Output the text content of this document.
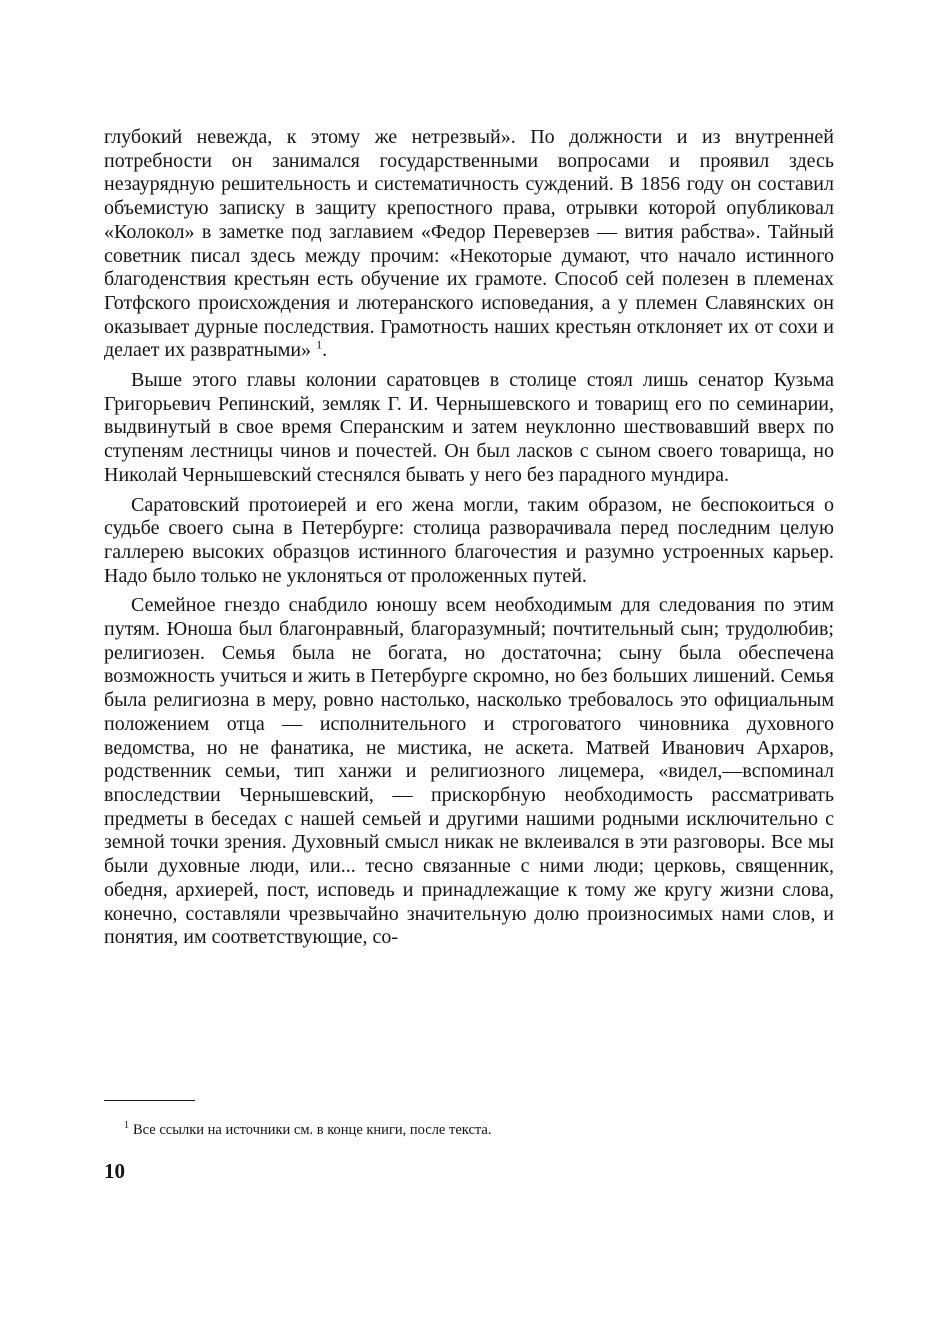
глубокий невежда, к этому же нетрезвый». По должности и из внутренней потребности он занимался государственными вопросами и проявил здесь незаурядную решительность и систематичность суждений. В 1856 году он составил объемистую записку в защиту крепостного права, отрывки которой опубликовал «Колокол» в заметке под заглавием «Федор Переверзев — вития рабства». Тайный советник писал здесь между прочим: «Некоторые думают, что начало истинного благоденствия крестьян есть обучение их грамоте. Способ сей полезен в племенах Готфского происхождения и лютеранского исповедания, а у племен Славянских он оказывает дурные последствия. Грамотность наших крестьян отклоняет их от сохи и делает их развратными» $^1$.

Выше этого главы колонии саратовцев в столице стоял лишь сенатор Кузьма Григорьевич Репинский, земляк Г. И. Чернышевского и товарищ его по семинарии, выдвинутый в свое время Сперанским и затем неуклонно шествовавший вверх по ступеням лестницы чинов и почестей. Он был ласков с сыном своего товарища, но Николай Чернышевский стеснялся бывать у него без парадного мундира.

Саратовский протоиерей и его жена могли, таким образом, не беспокоиться о судьбе своего сына в Петербурге: столица разворачивала перед последним целую галлерею высоких образцов истинного благочестия и разумно устроенных карьер. Надо было только не уклоняться от проложенных путей.

Семейное гнездо снабдило юношу всем необходимым для следования по этим путям. Юноша был благонравный, благоразумный; почтительный сын; трудолюбив; религиозен. Семья была не богата, но достаточна; сыну была обеспечена возможность учиться и жить в Петербурге скромно, но без больших лишений. Семья была религиозна в меру, ровно настолько, насколько требовалось это официальным положением отца — исполнительного и строговатого чиновника духовного ведомства, но не фанатика, не мистика, не аскета. Матвей Иванович Архаров, родственник семьи, тип ханжи и религиозного лицемера, «видел,—вспоминал впоследствии Чернышевский, — прискорбную необходимость рассматривать предметы в беседах с нашей семьей и другими нашими родными исключительно с земной точки зрения. Духовный смысл никак не вклеивался в эти разговоры. Все мы были духовные люди, или... тесно связанные с ними люди; церковь, священник, обедня, архиерей, пост, исповедь и принадлежащие к тому же кругу жизни слова, конечно, составляли чрезвычайно значительную долю произносимых нами слов, и понятия, им соответствующие, со-

$^1$ Все ссылки на источники см. в конце книги, после текста.

10
